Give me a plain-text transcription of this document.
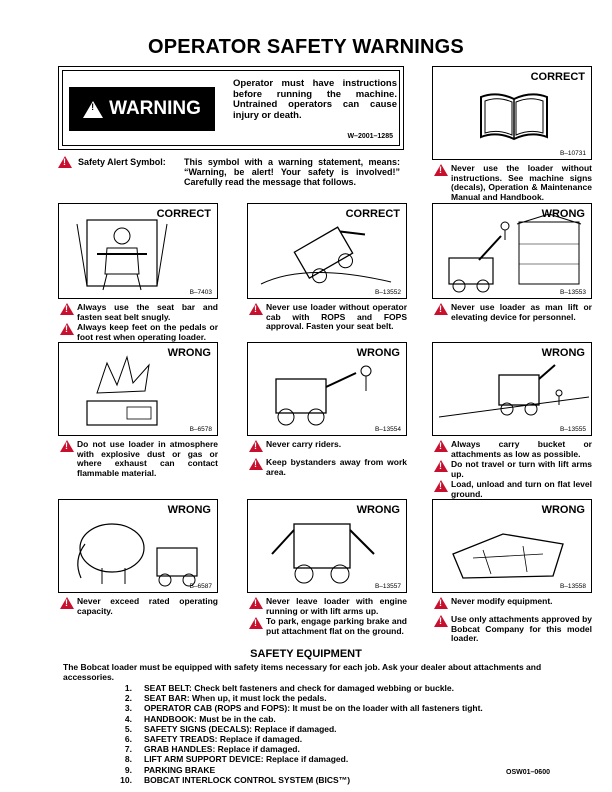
OPERATOR SAFETY WARNINGS
!
WARNING
Operator must have instructions before running the machine. Untrained operators can cause injury or death.
W–2001–1285
!
Safety Alert Symbol: This symbol with a warning statement, means: “Warning, be alert! Your safety is involved!” Carefully read the message that follows.
CORRECT
B–10731
!
Never use the loader without instructions. See machine signs (decals), Operation & Maintenance Manual and Handbook.
CORRECT
B–7403
!
Always use the seat bar and fasten seat belt snugly.
!
Always keep feet on the pedals or foot rest when operating loader.
CORRECT
B–13552
!
Never use loader without operator cab with ROPS and FOPS approval. Fasten your seat belt.
WRONG
B–13553
!
Never use loader as man lift or elevating device for personnel.
WRONG
B–6578
!
Do not use loader in atmosphere with explosive dust or gas or where exhaust can contact flammable material.
WRONG
B–13554
!
Never carry riders.
!
Keep bystanders away from work area.
WRONG
B–13555
!
Always carry bucket or attachments as low as possible.
!
Do not travel or turn with lift arms up.
!
Load, unload and turn on flat level ground.
WRONG
B–6587
!
Never exceed rated operating capacity.
WRONG
B–13557
!
Never leave loader with engine running or with lift arms up.
!
To park, engage parking brake and put attachment flat on the ground.
WRONG
B–13558
!
Never modify equipment.
!
Use only attachments approved by Bobcat Company for this model loader.
SAFETY EQUIPMENT
The Bobcat loader must be equipped with safety items necessary for each job. Ask your dealer about attachments and accessories.
1. SEAT BELT: Check belt fasteners and check for damaged webbing or buckle.
2. SEAT BAR: When up, it must lock the pedals.
3. OPERATOR CAB (ROPS and FOPS): It must be on the loader with all fasteners tight.
4. HANDBOOK: Must be in the cab.
5. SAFETY SIGNS (DECALS): Replace if damaged.
6. SAFETY TREADS: Replace if damaged.
7. GRAB HANDLES: Replace if damaged.
8. LIFT ARM SUPPORT DEVICE: Replace if damaged.
9. PARKING BRAKE
10. BOBCAT INTERLOCK CONTROL SYSTEM (BICS™)
OSW01–0600
